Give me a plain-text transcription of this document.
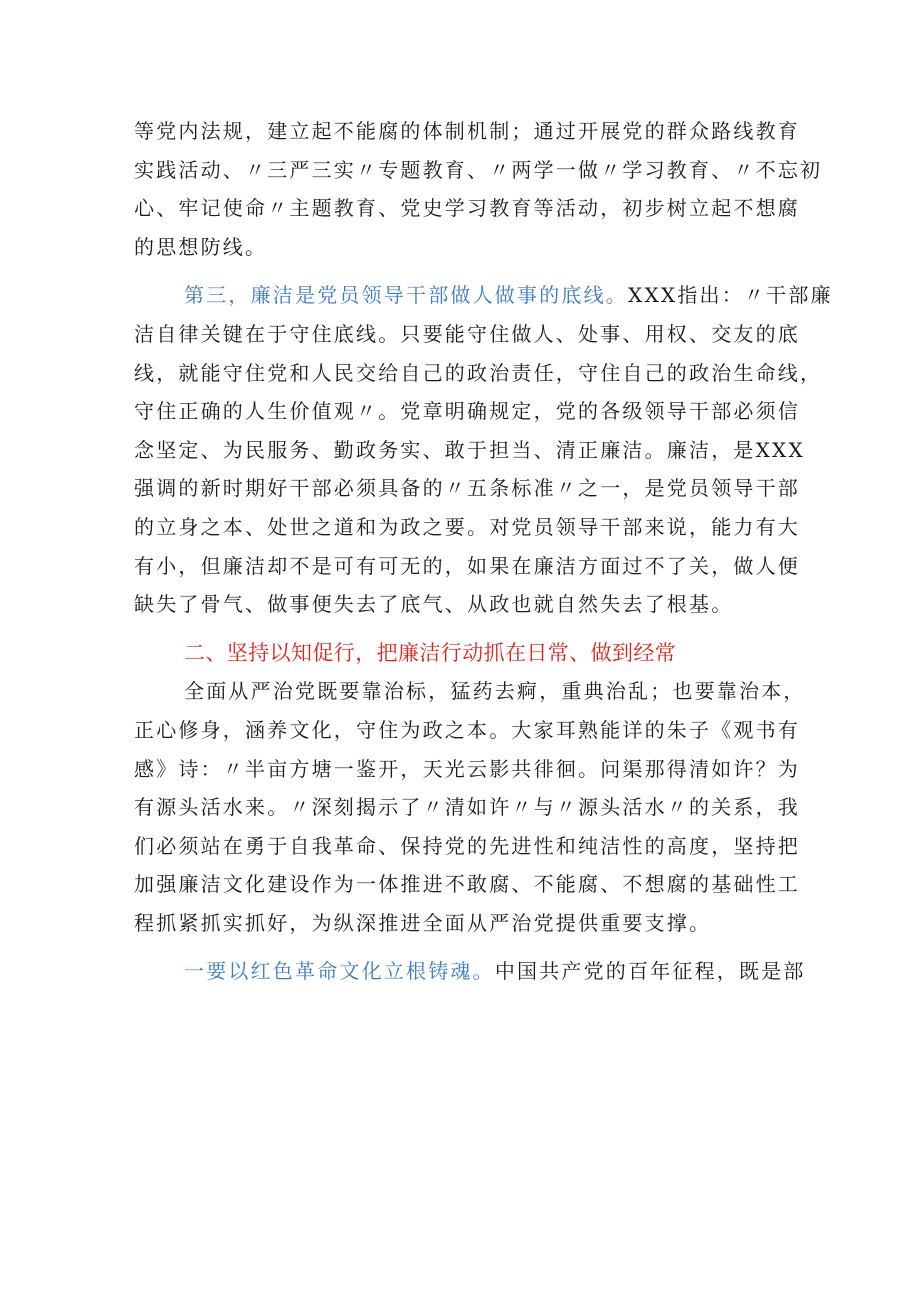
等党内法规，建立起不能腐的体制机制；通过开展党的群众路线教育
实践活动、〃三严三实〃专题教育、〃两学一做〃学习教育、〃不忘初
心、牢记使命〃主题教育、党史学习教育等活动，初步树立起不想腐
的思想防线。
第三，廉洁是党员领导干部做人做事的底线。XXX指出：〃干部廉
洁自律关键在于守住底线。只要能守住做人、处事、用权、交友的底
线，就能守住党和人民交给自己的政治责任，守住自己的政治生命线，
守住正确的人生价值观〃。党章明确规定，党的各级领导干部必须信
念坚定、为民服务、勤政务实、敢于担当、清正廉洁。廉洁，是XXX
强调的新时期好干部必须具备的〃五条标准〃之一，是党员领导干部
的立身之本、处世之道和为政之要。对党员领导干部来说，能力有大
有小，但廉洁却不是可有可无的，如果在廉洁方面过不了关，做人便
缺失了骨气、做事便失去了底气、从政也就自然失去了根基。
二、坚持以知促行，把廉洁行动抓在日常、做到经常
全面从严治党既要靠治标，猛药去痾，重典治乱；也要靠治本，
正心修身，涵养文化，守住为政之本。大家耳熟能详的朱子《观书有
感》诗：〃半亩方塘一鉴开，天光云影共徘徊。问渠那得清如许？为
有源头活水来。〃深刻揭示了〃清如许〃与〃源头活水〃的关系，我
们必须站在勇于自我革命、保持党的先进性和纯洁性的高度，坚持把
加强廉洁文化建设作为一体推进不敢腐、不能腐、不想腐的基础性工
程抓紧抓实抓好，为纵深推进全面从严治党提供重要支撑。
一要以红色革命文化立根铸魂。中国共产党的百年征程，既是部
